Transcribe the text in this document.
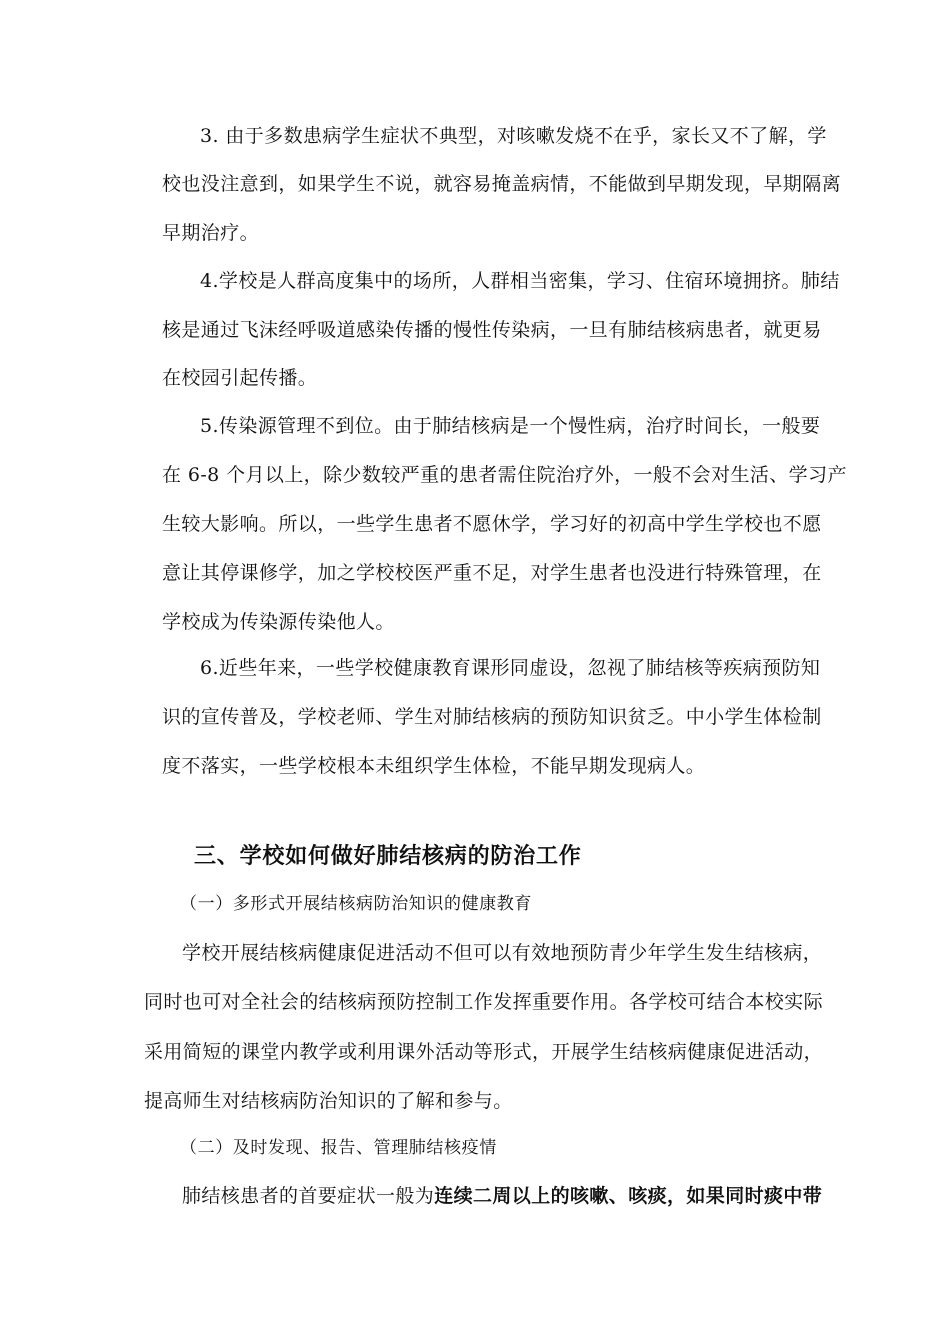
3. 由于多数患病学生症状不典型，对咳嗽发烧不在乎，家长又不了解，学
校也没注意到，如果学生不说，就容易掩盖病情，不能做到早期发现，早期隔离
早期治疗。
4.学校是人群高度集中的场所，人群相当密集，学习、住宿环境拥挤。肺结
核是通过飞沫经呼吸道感染传播的慢性传染病，一旦有肺结核病患者，就更易
在校园引起传播。
5.传染源管理不到位。由于肺结核病是一个慢性病，治疗时间长，一般要
在 6-8 个月以上，除少数较严重的患者需住院治疗外，一般不会对生活、学习产
生较大影响。所以，一些学生患者不愿休学，学习好的初高中学生学校也不愿
意让其停课修学，加之学校校医严重不足，对学生患者也没进行特殊管理，在
学校成为传染源传染他人。
6.近些年来，一些学校健康教育课形同虚设，忽视了肺结核等疾病预防知
识的宣传普及，学校老师、学生对肺结核病的预防知识贫乏。中小学生体检制
度不落实，一些学校根本未组织学生体检，不能早期发现病人。
三、学校如何做好肺结核病的防治工作
（一）多形式开展结核病防治知识的健康教育
学校开展结核病健康促进活动不但可以有效地预防青少年学生发生结核病，
同时也可对全社会的结核病预防控制工作发挥重要作用。各学校可结合本校实际
采用简短的课堂内教学或利用课外活动等形式，开展学生结核病健康促进活动，
提高师生对结核病防治知识的了解和参与。
（二）及时发现、报告、管理肺结核疫情
肺结核患者的首要症状一般为连续二周以上的咳嗽、咳痰，如果同时痰中带
